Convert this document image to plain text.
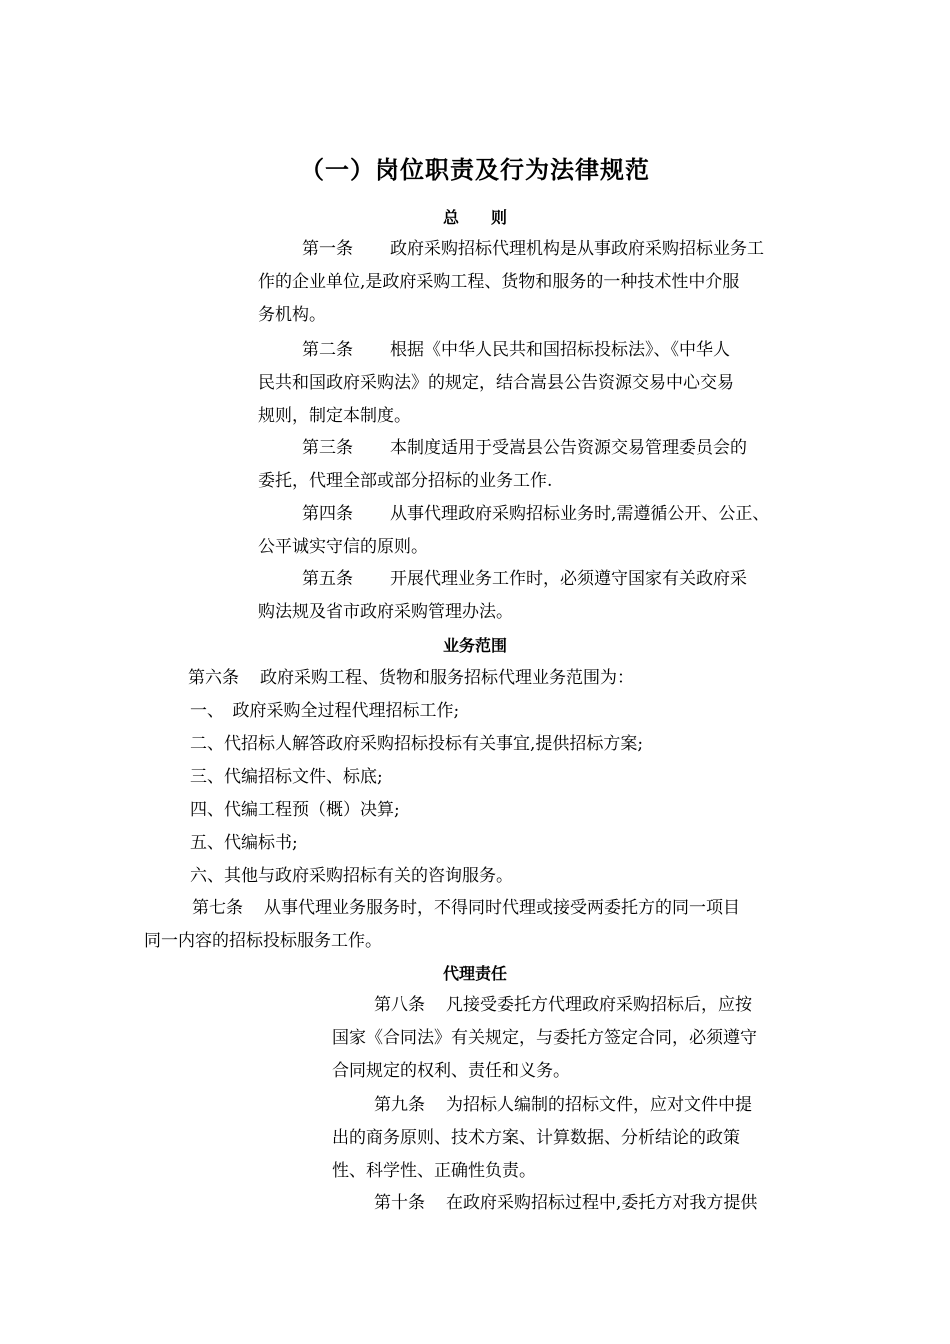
（一）岗位职责及行为法律规范
总　　则
第一条 政府采购招标代理机构是从事政府采购招标业务工
作的企业单位,是政府采购工程、货物和服务的一种技术性中介服
务机构。
第二条 根据《中华人民共和国招标投标法》、《中华人
民共和国政府采购法》的规定，结合嵩县公告资源交易中心交易
规则，制定本制度。
第三条 本制度适用于受嵩县公告资源交易管理委员会的
委托，代理全部或部分招标的业务工作.
第四条 从事代理政府采购招标业务时,需遵循公开、公正、
公平诚实守信的原则。
第五条 开展代理业务工作时，必须遵守国家有关政府采
购法规及省市政府采购管理办法。
业务范围
第六条 政府采购工程、货物和服务招标代理业务范围为：
一、　政府采购全过程代理招标工作;
二、代招标人解答政府采购招标投标有关事宜,提供招标方案;
三、代编招标文件、标底;
四、代编工程预（概）决算;
五、代编标书;
六、其他与政府采购招标有关的咨询服务。
第七条 从事代理业务服务时，不得同时代理或接受两委托方的同一项目
同一内容的招标投标服务工作。
代理责任
第八条 凡接受委托方代理政府采购招标后，应按
国家《合同法》有关规定，与委托方签定合同，必须遵守
合同规定的权利、责任和义务。
第九条 为招标人编制的招标文件，应对文件中提
出的商务原则、技术方案、计算数据、分析结论的政策
性、科学性、正确性负责。
第十条 在政府采购招标过程中,委托方对我方提供
